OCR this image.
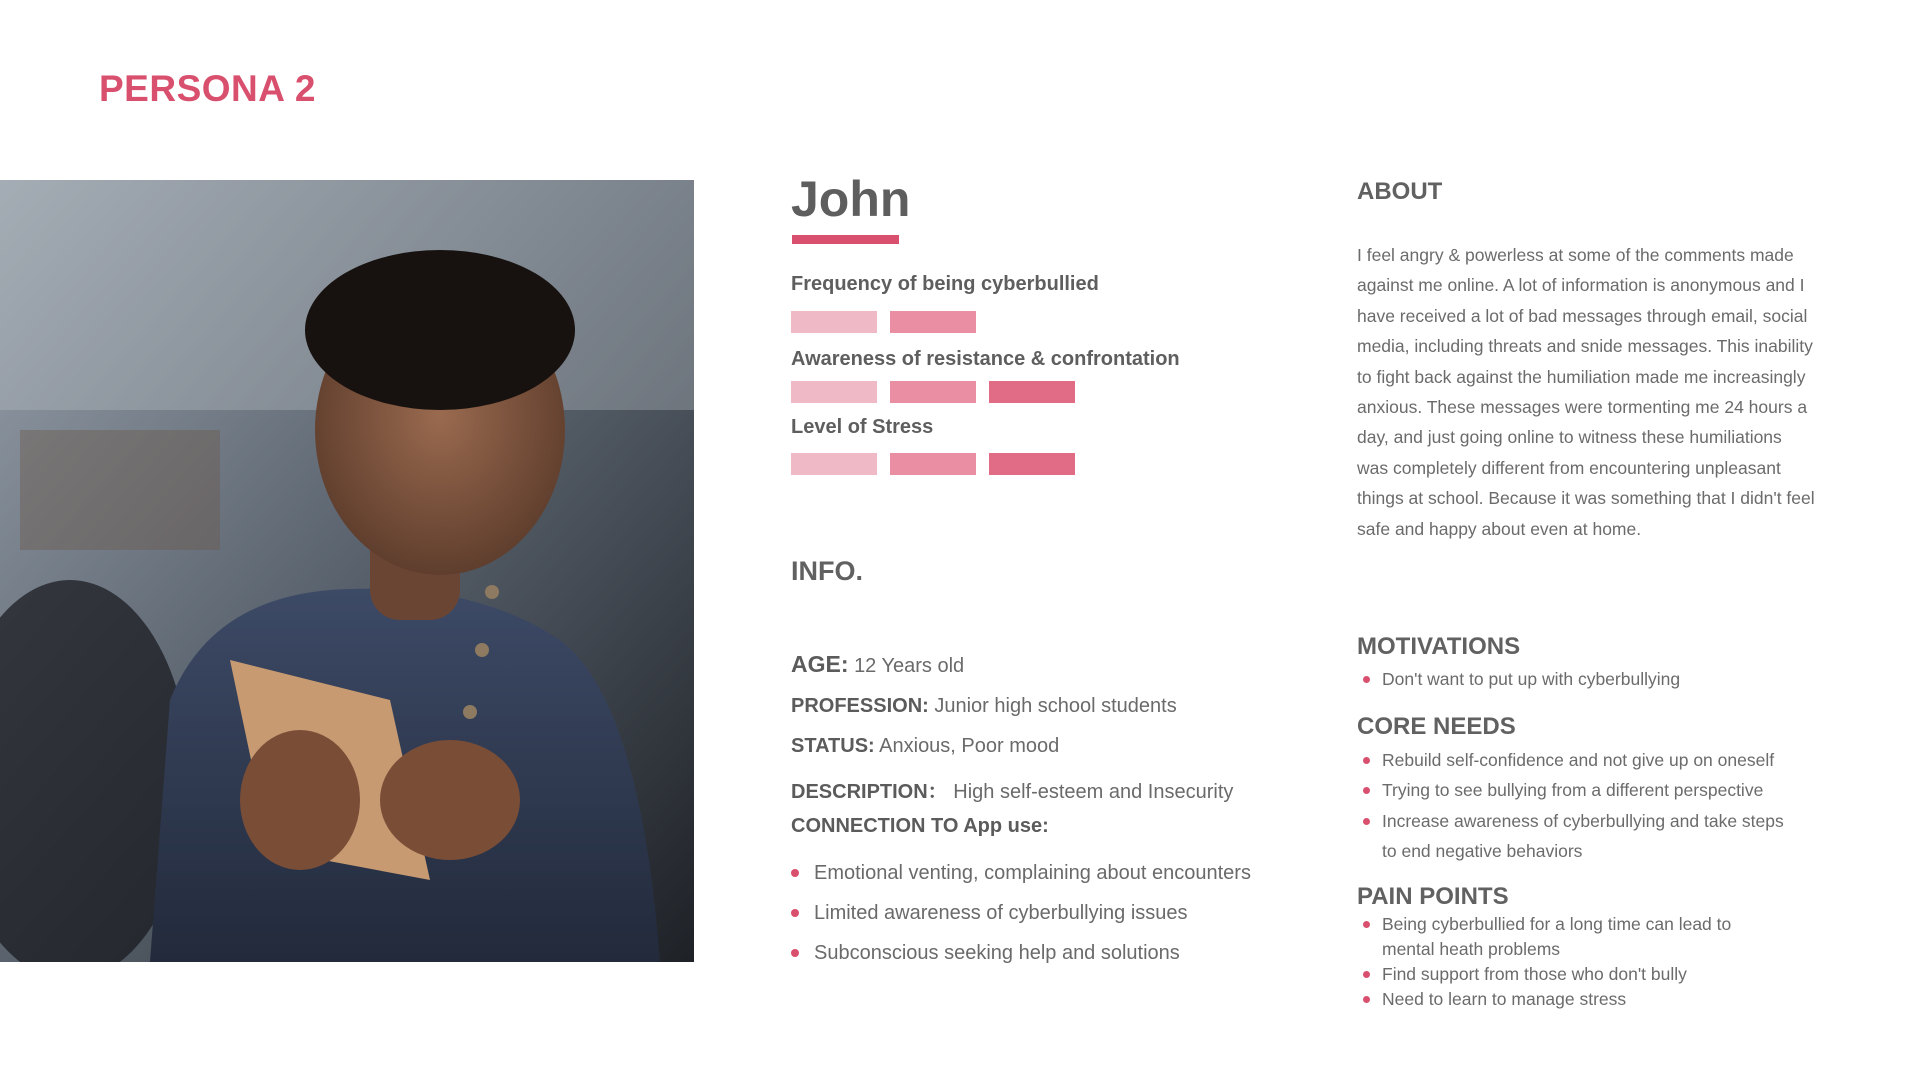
PERSONA 2
John
Frequency of being cyberbullied
Awareness of resistance & confrontation
Level of Stress
INFO.
AGE: 12 Years old
PROFESSION: Junior high school students
STATUS: Anxious, Poor mood
DESCRIPTION： High self-esteem and Insecurity
CONNECTION TO App use:
Emotional venting, complaining about encounters
Limited awareness of cyberbullying issues
Subconscious seeking help and solutions
ABOUT
I feel angry & powerless at some of the comments made against me online. A lot of information is anonymous and I have received a lot of bad messages through email, social media, including threats and snide messages. This inability to fight back against the humiliation made me increasingly anxious. These messages were tormenting me 24 hours a day, and just going online to witness these humiliations was completely different from encountering unpleasant things at school. Because it was something that I didn't feel safe and happy about even at home.
MOTIVATIONS
Don't want to put up with cyberbullying
CORE NEEDS
Rebuild self-confidence and not give up on oneself
Trying to see bullying from a different perspective
Increase awareness of cyberbullying and take steps to end negative behaviors
PAIN POINTS
Being cyberbullied for a long time can lead to mental heath problems
Find support from those who don't bully
Need to learn to manage stress
